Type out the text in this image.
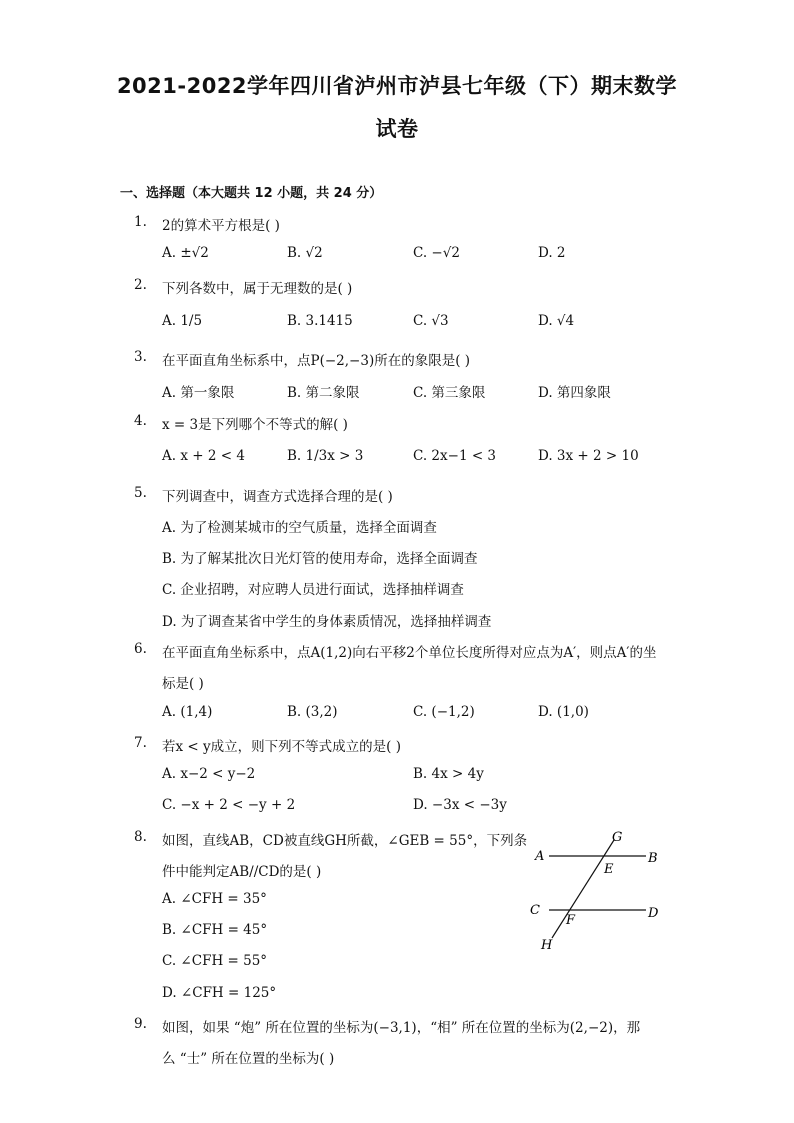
2021-2022学年四川省泸州市泸县七年级（下）期末数学
试卷
一、选择题（本大题共 12 小题，共 24 分）
1. 2的算术平方根是( )
A. ±√2	B. √2	C. −√2	D. 2
2. 下列各数中，属于无理数的是( )
A. 1/5	B. 3.1415	C. √3	D. √4
3. 在平面直角坐标系中，点P(−2,−3)所在的象限是( )
A. 第一象限	B. 第二象限	C. 第三象限	D. 第四象限
4. x = 3是下列哪个不等式的解( )
A. x + 2 < 4	B. 1/3x > 3	C. 2x−1 < 3	D. 3x + 2 > 10
5. 下列调查中，调查方式选择合理的是( )
A. 为了检测某城市的空气质量，选择全面调查
B. 为了解某批次日光灯管的使用寿命，选择全面调查
C. 企业招聘，对应聘人员进行面试，选择抽样调查
D. 为了调查某省中学生的身体素质情况，选择抽样调查
6. 在平面直角坐标系中，点A(1,2)向右平移2个单位长度所得对应点为A′，则点A′的坐
标是( )
A. (1,4)	B. (3,2)	C. (−1,2)	D. (1,0)
7. 若x < y成立，则下列不等式成立的是( )
A. x−2 < y−2	B. 4x > 4y
C. −x + 2 < −y + 2	D. −3x < −3y
8. 如图，直线AB，CD被直线GH所截，∠GEB = 55°，下列条
件中能判定AB//CD的是( )
A. ∠CFH = 35°
B. ∠CFH = 45°
C. ∠CFH = 55°
D. ∠CFH = 125°
G
A	B
E
C	D
F
H
9. 如图，如果 “炮” 所在位置的坐标为(−3,1)，“相” 所在位置的坐标为(2,−2)，那
么 “士” 所在位置的坐标为( )
